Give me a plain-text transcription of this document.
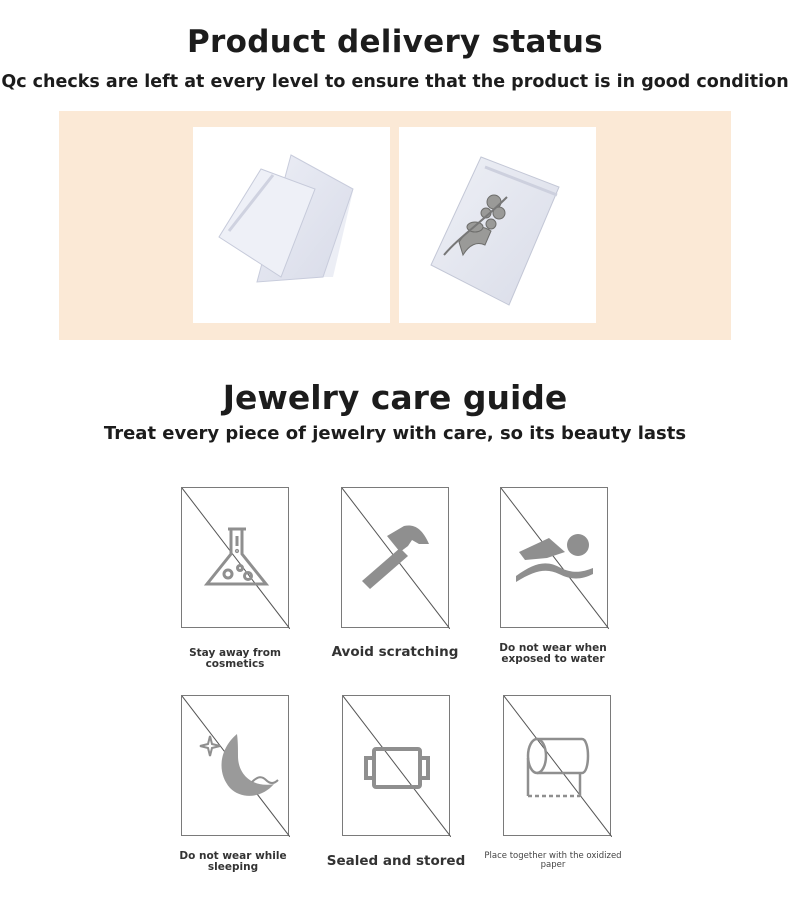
Product delivery status
Qc checks are left at every level to ensure that the product is in good condition
Jewelry care guide
Treat every piece of jewelry with care, so its beauty lasts
Stay away from cosmetics
Avoid scratching	Do not wear when exposed to water
Do not wear while sleeping	Sealed and stored	Place together with the oxidized paper
